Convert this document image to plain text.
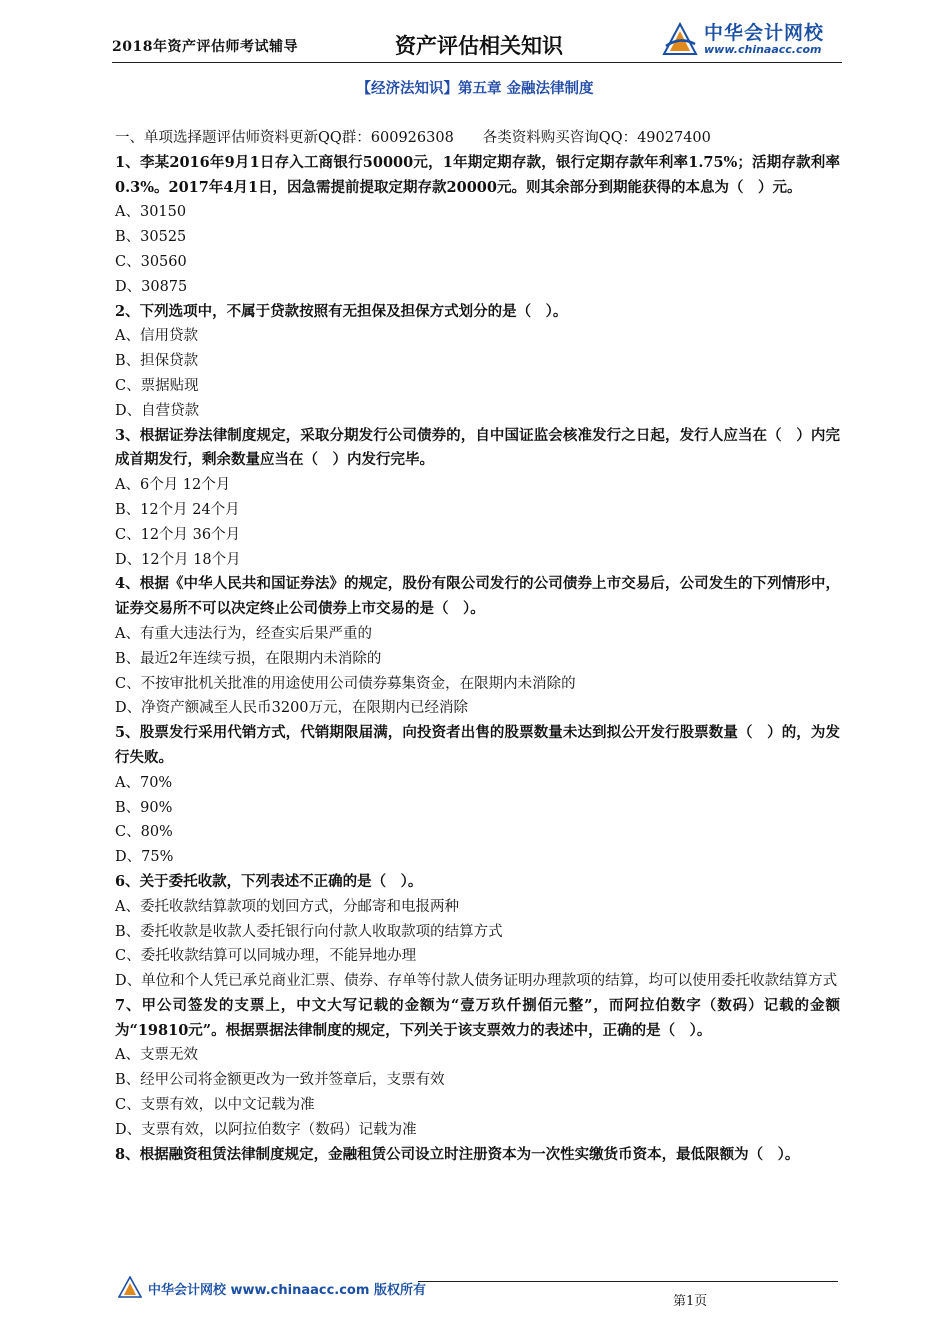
2018年资产评估师考试辅导	资产评估相关知识	中华会计网校
www.chinaacc.com
【经济法知识】第五章 金融法律制度
一、单项选择题评估师资料更新QQ群：600926308　　各类资料购买咨询QQ：49027400
1、李某2016年9月1日存入工商银行50000元，1年期定期存款，银行定期存款年利率1.75%；活期存款利率0.3%。2017年4月1日，因急需提前提取定期存款20000元。则其余部分到期能获得的本息为（　）元。
A、30150
B、30525
C、30560
D、30875
2、下列选项中，不属于贷款按照有无担保及担保方式划分的是（　）。
A、信用贷款
B、担保贷款
C、票据贴现
D、自营贷款
3、根据证券法律制度规定，采取分期发行公司债券的，自中国证监会核准发行之日起，发行人应当在（　）内完成首期发行，剩余数量应当在（　）内发行完毕。
A、6个月 12个月
B、12个月 24个月
C、12个月 36个月
D、12个月 18个月
4、根据《中华人民共和国证券法》的规定，股份有限公司发行的公司债券上市交易后，公司发生的下列情形中，证券交易所不可以决定终止公司债券上市交易的是（　）。
A、有重大违法行为，经查实后果严重的
B、最近2年连续亏损，在限期内未消除的
C、不按审批机关批准的用途使用公司债券募集资金，在限期内未消除的
D、净资产额减至人民币3200万元，在限期内已经消除
5、股票发行采用代销方式，代销期限届满，向投资者出售的股票数量未达到拟公开发行股票数量（　）的，为发行失败。
A、70%
B、90%
C、80%
D、75%
6、关于委托收款，下列表述不正确的是（　）。
A、委托收款结算款项的划回方式，分邮寄和电报两种
B、委托收款是收款人委托银行向付款人收取款项的结算方式
C、委托收款结算可以同城办理，不能异地办理
D、单位和个人凭已承兑商业汇票、债券、存单等付款人债务证明办理款项的结算，均可以使用委托收款结算方式
7、甲公司签发的支票上，中文大写记载的金额为“壹万玖仟捌佰元整”，而阿拉伯数字（数码）记载的金额为“19810元”。根据票据法律制度的规定，下列关于该支票效力的表述中，正确的是（　）。
A、支票无效
B、经甲公司将金额更改为一致并签章后，支票有效
C、支票有效，以中文记载为准
D、支票有效，以阿拉伯数字（数码）记载为准
8、根据融资租赁法律制度规定，金融租赁公司设立时注册资本为一次性实缴货币资本，最低限额为（　）。
中华会计网校 www.chinaacc.com 版权所有
第1页
